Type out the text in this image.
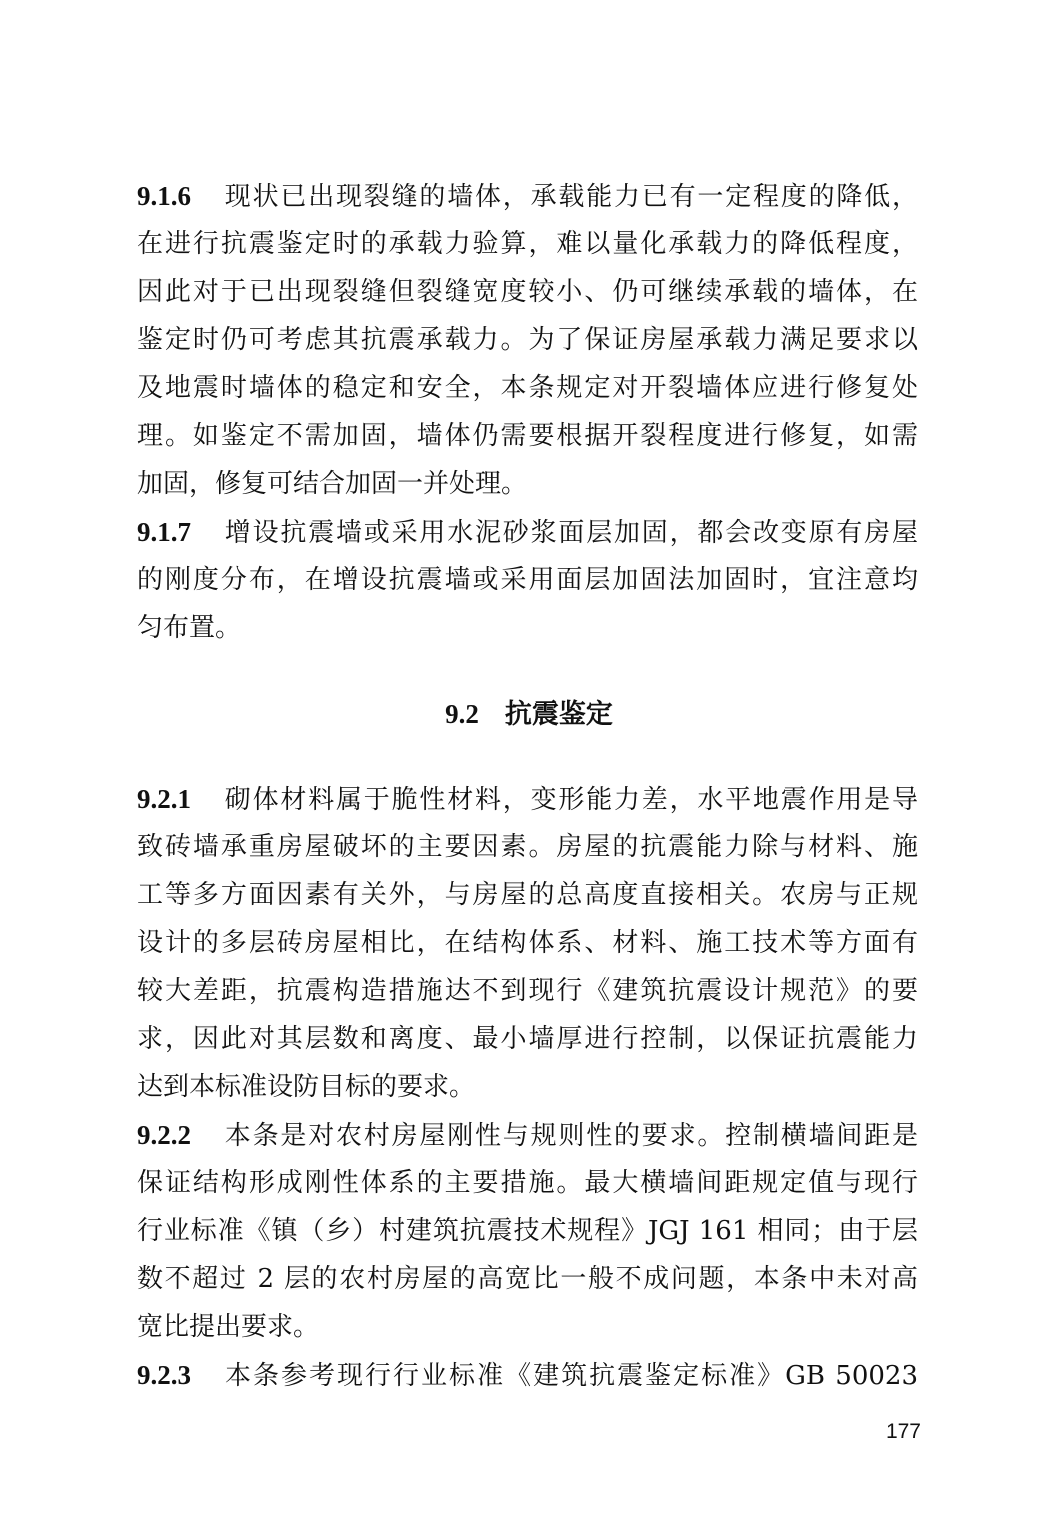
9.1.6 现状已出现裂缝的墙体，承载能力已有一定程度的降低，
在进行抗震鉴定时的承载力验算，难以量化承载力的降低程度，
因此对于已出现裂缝但裂缝宽度较小、仍可继续承载的墙体，在
鉴定时仍可考虑其抗震承载力。为了保证房屋承载力满足要求以
及地震时墙体的稳定和安全，本条规定对开裂墙体应进行修复处
理。如鉴定不需加固，墙体仍需要根据开裂程度进行修复，如需
加固，修复可结合加固一并处理。
9.1.7 增设抗震墙或采用水泥砂浆面层加固，都会改变原有房屋
的刚度分布，在增设抗震墙或采用面层加固法加固时，宜注意均
匀布置。
9.2 抗震鉴定
9.2.1 砌体材料属于脆性材料，变形能力差，水平地震作用是导
致砖墙承重房屋破坏的主要因素。房屋的抗震能力除与材料、施
工等多方面因素有关外，与房屋的总高度直接相关。农房与正规
设计的多层砖房屋相比，在结构体系、材料、施工技术等方面有
较大差距，抗震构造措施达不到现行《建筑抗震设计规范》的要
求，因此对其层数和离度、最小墙厚进行控制，以保证抗震能力
达到本标准设防目标的要求。
9.2.2 本条是对农村房屋刚性与规则性的要求。控制横墙间距是
保证结构形成刚性体系的主要措施。最大横墙间距规定值与现行
行业标准《镇（乡）村建筑抗震技术规程》JGJ 161 相同；由于层
数不超过 2 层的农村房屋的高宽比一般不成问题，本条中未对高
宽比提出要求。
9.2.3 本条参考现行行业标准《建筑抗震鉴定标准》GB 50023
177
